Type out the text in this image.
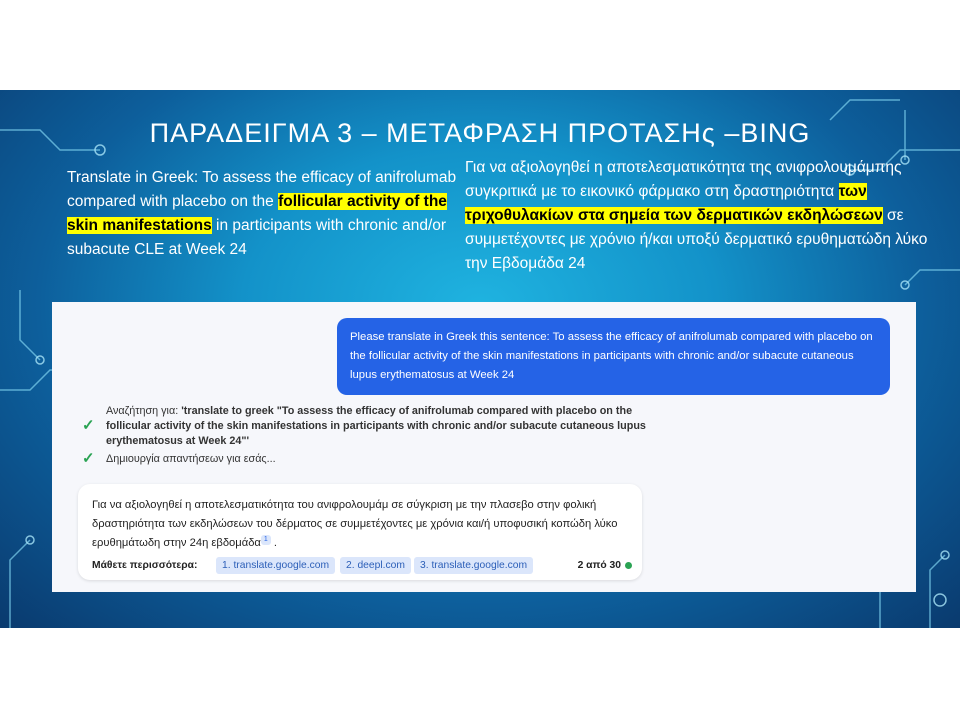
ΠΑΡΑΔΕΙΓΜΑ 3 – ΜΕΤΑΦΡΑΣΗ ΠΡΟΤΑΣΗς –BING
Translate in Greek: To assess the efficacy of anifrolumab compared with placebo on the follicular activity of the skin manifestations in participants with chronic and/or subacute CLE at Week 24
Για να αξιολογηθεί η αποτελεσματικότητα της ανιφρολουμάμπης συγκριτικά με το εικονικό φάρμακο στη δραστηριότητα των τριχοθυλακίων στα σημεία των δερματικών εκδηλώσεων σε συμμετέχοντες με χρόνιο ή/και υποξύ δερματικό ερυθηματώδη λύκο την Εβδομάδα 24
Please translate in Greek this sentence: To assess the efficacy of anifrolumab compared with placebo on the follicular activity of the skin manifestations in participants with chronic and/or subacute cutaneous lupus erythematosus at Week 24
✓
Αναζήτηση για: 'translate to greek "To assess the efficacy of anifrolumab compared with placebo on the follicular activity of the skin manifestations in participants with chronic and/or subacute cutaneous lupus erythematosus at Week 24"'
✓ Δημιουργία απαντήσεων για εσάς...
Για να αξιολογηθεί η αποτελεσματικότητα του ανιφρολουμάμ σε σύγκριση με την πλασεβο στην φολική δραστηριότητα των εκδηλώσεων του δέρματος σε συμμετέχοντες με χρόνια και/ή υποφυσική κοπώδη λύκο ερυθημάτωδη στην 24η εβδομάδα $^1$ .
Μάθετε περισσότερα:	1. translate.google.com	2. deepl.com	3. translate.google.com	2 από 30
